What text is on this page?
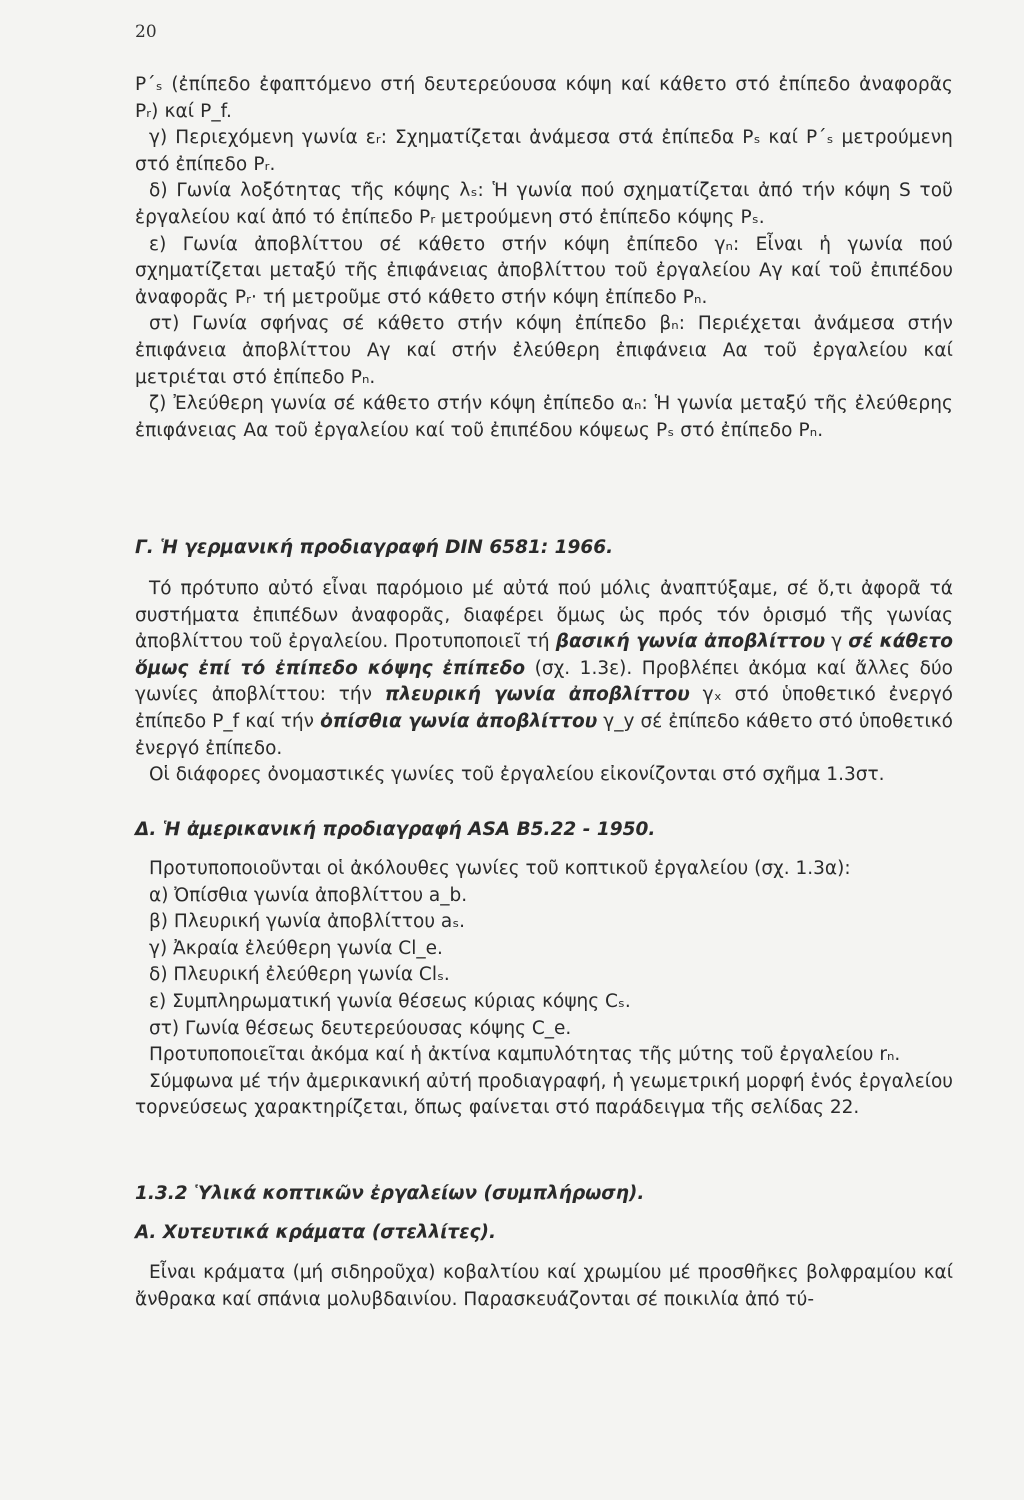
20

P΄ₛ (ἐπίπεδο ἐφαπτόμενο στή δευτερεύουσα κόψη καί κάθετο στό ἐπίπεδο ἀναφορᾶς Pᵣ) καί P_f.

γ) Περιεχόμενη γωνία εᵣ: Σχηματίζεται ἀνάμεσα στά ἐπίπεδα Pₛ καί P΄ₛ μετρούμενη στό ἐπίπεδο Pᵣ.

δ) Γωνία λοξότητας τῆς κόψης λₛ: Ἡ γωνία πού σχηματίζεται ἀπό τήν κόψη S τοῦ ἐργαλείου καί ἀπό τό ἐπίπεδο Pᵣ μετρούμενη στό ἐπίπεδο κόψης Pₛ.

ε) Γωνία ἀποβλίττου σέ κάθετο στήν κόψη ἐπίπεδο γₙ: Εἶναι ἡ γωνία πού σχηματίζεται μεταξύ τῆς ἐπιφάνειας ἀποβλίττου τοῦ ἐργαλείου Αγ καί τοῦ ἐπιπέδου ἀναφορᾶς Pᵣ· τή μετροῦμε στό κάθετο στήν κόψη ἐπίπεδο Pₙ.

στ) Γωνία σφήνας σέ κάθετο στήν κόψη ἐπίπεδο βₙ: Περιέχεται ἀνάμεσα στήν ἐπιφάνεια ἀποβλίττου Αγ καί στήν ἐλεύθερη ἐπιφάνεια Αα τοῦ ἐργαλείου καί μετριέται στό ἐπίπεδο Pₙ.

ζ) Ἐλεύθερη γωνία σέ κάθετο στήν κόψη ἐπίπεδο αₙ: Ἡ γωνία μεταξύ τῆς ἐλεύθερης ἐπιφάνειας Aα τοῦ ἐργαλείου καί τοῦ ἐπιπέδου κόψεως Pₛ στό ἐπίπεδο Pₙ.

Γ. Ἡ γερμανική προδιαγραφή DIN 6581: 1966.

Τό πρότυπο αὐτό εἶναι παρόμοιο μέ αὐτά πού μόλις ἀναπτύξαμε, σέ ὅ,τι ἀφορᾶ τά συστήματα ἐπιπέδων ἀναφορᾶς, διαφέρει ὅμως ὡς πρός τόν ὁρισμό τῆς γωνίας ἀποβλίττου τοῦ ἐργαλείου. Προτυποποιεῖ τή βασική γωνία ἀποβλίττου γ σέ κάθετο ὅμως ἐπί τό ἐπίπεδο κόψης ἐπίπεδο (σχ. 1.3ε). Προβλέπει ἀκόμα καί ἄλλες δύο γωνίες ἀποβλίττου: τήν πλευρική γωνία ἀποβλίττου γₓ στό ὑποθετικό ἐνεργό ἐπίπεδο P_f καί τήν ὀπίσθια γωνία ἀποβλίττου γ_y σέ ἐπίπεδο κάθετο στό ὑποθετικό ἐνεργό ἐπίπεδο.

Οἱ διάφορες ὀνομαστικές γωνίες τοῦ ἐργαλείου εἰκονίζονται στό σχῆμα 1.3στ.

Δ. Ἡ ἀμερικανική προδιαγραφή ASA B5.22 - 1950.

Προτυποποιοῦνται οἱ ἀκόλουθες γωνίες τοῦ κοπτικοῦ ἐργαλείου (σχ. 1.3α):

α) Ὀπίσθια γωνία ἀποβλίττου a_b.

β) Πλευρική γωνία ἀποβλίττου aₛ.

γ) Ἀκραία ἐλεύθερη γωνία Cl_e.

δ) Πλευρική ἐλεύθερη γωνία Clₛ.

ε) Συμπληρωματική γωνία θέσεως κύριας κόψης Cₛ.

στ) Γωνία θέσεως δευτερεύουσας κόψης C_e.

Προτυποποιεῖται ἀκόμα καί ἡ ἀκτίνα καμπυλότητας τῆς μύτης τοῦ ἐργαλείου rₙ.

Σύμφωνα μέ τήν ἀμερικανική αὐτή προδιαγραφή, ἡ γεωμετρική μορφή ἑνός ἐργαλείου τορνεύσεως χαρακτηρίζεται, ὅπως φαίνεται στό παράδειγμα τῆς σελίδας 22.

1.3.2 Ὑλικά κοπτικῶν ἐργαλείων (συμπλήρωση).

Α. Χυτευτικά κράματα (στελλίτες).

Εἶναι κράματα (μή σιδηροῦχα) κοβαλτίου καί χρωμίου μέ προσθῆκες βολφραμίου καί ἄνθρακα καί σπάνια μολυβδαινίου. Παρασκευάζονται σέ ποικιλία ἀπό τύ-
